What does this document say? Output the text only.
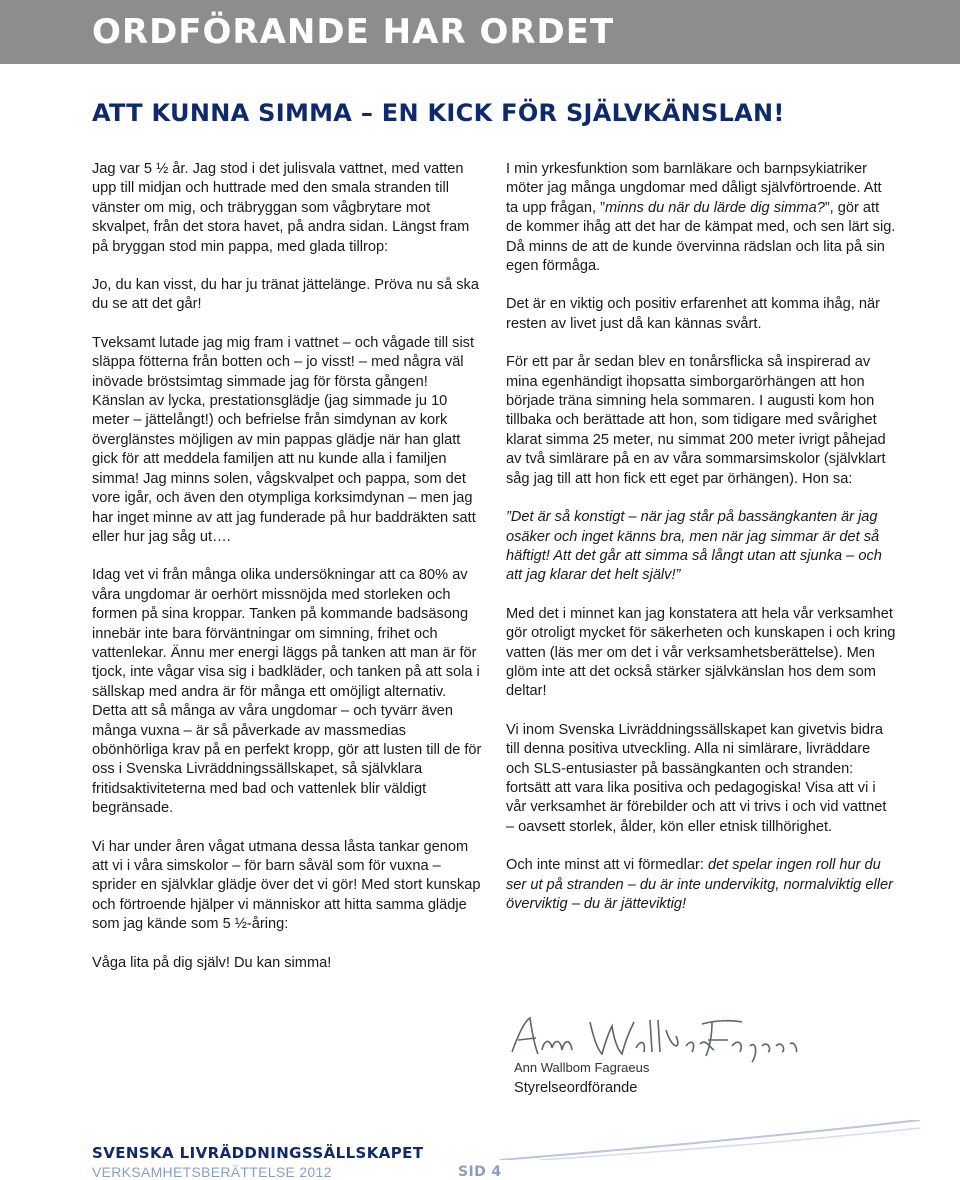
ORDFÖRANDE HAR ORDET
ATT KUNNA SIMMA – EN KICK FÖR SJÄLVKÄNSLAN!

Jag var 5 ½ år. Jag stod i det julisvala vattnet, med vatten upp till midjan och huttrade med den smala stranden till vänster om mig, och träbryggan som vågbrytare mot skvalpet, från det stora havet, på andra sidan. Längst fram på bryggan stod min pappa, med glada tillrop:

Jo, du kan visst, du har ju tränat jättelänge. Pröva nu så ska du se att det går!

Tveksamt lutade jag mig fram i vattnet – och vågade till sist släppa fötterna från botten och – jo visst! – med några väl inövade bröstsimtag simmade jag för första gången! Känslan av lycka, prestationsglädje (jag simmade ju 10 meter – jättelångt!) och befrielse från simdynan av kork överglänstes möjligen av min pappas glädje när han glatt gick för att meddela familjen att nu kunde alla i familjen simma! Jag minns solen, vågskvalpet och pappa, som det vore igår, och även den otympliga korksimdynan – men jag har inget minne av att jag funderade på hur baddräkten satt eller hur jag såg ut….

Idag vet vi från många olika undersökningar att ca 80% av våra ungdomar är oerhört missnöjda med storleken och formen på sina kroppar. Tanken på kommande badsäsong innebär inte bara förväntningar om simning, frihet och vattenlekar. Ännu mer energi läggs på tanken att man är för tjock, inte vågar visa sig i badkläder, och tanken på att sola i sällskap med andra är för många ett omöjligt alternativ. Detta att så många av våra ungdomar – och tyvärr även många vuxna – är så påverkade av massmedias obönhörliga krav på en perfekt kropp, gör att lusten till de för oss i Svenska Livräddningssällskapet, så självklara fritidsaktiviteterna med bad och vattenlek blir väldigt begränsade.

Vi har under åren vågat utmana dessa låsta tankar genom att vi i våra simskolor – för barn såväl som för vuxna – sprider en självklar glädje över det vi gör! Med stort kunskap och förtroende hjälper vi människor att hitta samma glädje som jag kände som 5 ½-åring:

Våga lita på dig själv! Du kan simma!

I min yrkesfunktion som barnläkare och barnpsykiatriker möter jag många ungdomar med dåligt självförtroende. Att ta upp frågan, ”minns du när du lärde dig simma?”, gör att de kommer ihåg att det har de kämpat med, och sen lärt sig. Då minns de att de kunde övervinna rädslan och lita på sin egen förmåga.

Det är en viktig och positiv erfarenhet att komma ihåg, när resten av livet just då kan kännas svårt.

För ett par år sedan blev en tonårsflicka så inspirerad av mina egenhändigt ihopsatta simborgarörhängen att hon började träna simning hela sommaren. I augusti kom hon tillbaka och berättade att hon, som tidigare med svårighet klarat simma 25 meter, nu simmat 200 meter ivrigt påhejad av två simlärare på en av våra sommarsimskolor (självklart såg jag till att hon fick ett eget par örhängen). Hon sa:

”Det är så konstigt – när jag står på bassängkanten är jag osäker och inget känns bra, men när jag simmar är det så häftigt! Att det går att simma så långt utan att sjunka – och att jag klarar det helt själv!”

Med det i minnet kan jag konstatera att hela vår verksamhet gör otroligt mycket för säkerheten och kunskapen i och kring vatten (läs mer om det i vår verksamhetsberättelse). Men glöm inte att det också stärker självkänslan hos dem som deltar!

Vi inom Svenska Livräddningssällskapet kan givetvis bidra till denna positiva utveckling. Alla ni simlärare, livräddare och SLS-entusiaster på bassängkanten och stranden: fortsätt att vara lika positiva och pedagogiska! Visa att vi i vår verksamhet är förebilder och att vi trivs i och vid vattnet – oavsett storlek, ålder, kön eller etnisk tillhörighet.

Och inte minst att vi förmedlar: det spelar ingen roll hur du ser ut på stranden – du är inte undervikitg, normalviktig eller överviktig – du är jätteviktig!

Ann Wallbom Fagraeus
Styrelseordförande
SVENSKA LIVRÄDDNINGSSÄLLSKAPET
VERKSAMHETSBERÄTTELSE 2012	SID 4
